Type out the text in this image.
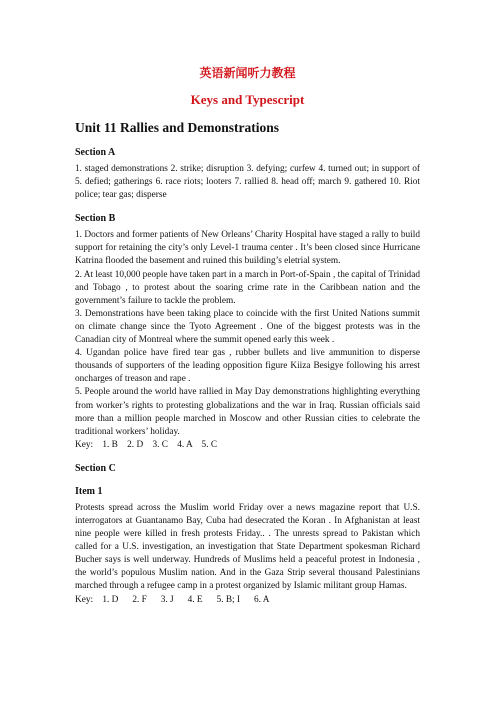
英语新闻听力教程
Keys and Typescript
Unit 11 Rallies and Demonstrations
Section A

1. staged demonstrations 2. strike; disruption 3. defying; curfew 4. turned out; in support of 5. defied; gatherings 6. race riots; looters 7. rallied 8. head off; march 9. gathered 10. Riot police; tear gas; disperse

Section B

1. Doctors and former patients of New Orleans’ Charity Hospital have staged a rally to build support for retaining the city’s only Level-1 trauma center . It’s been closed since Hurricane Katrina flooded the basement and ruined this building’s eletrial system.

2. At least 10,000 people have taken part in a march in Port-of-Spain , the capital of Trinidad and Tobago , to protest about the soaring crime rate in the Caribbean nation and the government’s failure to tackle the problem.

3. Demonstrations have been taking place to coincide with the first United Nations summit on climate change since the Tyoto Agreement . One of the biggest protests was in the Canadian city of Montreal where the summit opened early this week .

4. Ugandan police have fired tear gas , rubber bullets and live ammunition to disperse thousands of supporters of the leading opposition figure Kiiza Besigye following his arrest oncharges of treason and rape .

5. People around the world have rallied in May Day demonstrations highlighting everything from worker’s rights to protesting globalizations and the war in Iraq. Russian officials said more than a million people marched in Moscow and other Russian cities to celebrate the traditional workers’ holiday.

Key:    1. B    2. D    3. C    4. A    5. C

Section C
Item 1

Protests spread across the Muslim world Friday over a news magazine report that U.S. interrogators at Guantanamo Bay, Cuba had desecrated the Koran . In Afghanistan at least nine people were killed in fresh protests Friday.. . The unrests spread to Pakistan which called for a U.S. investigation, an investigation that State Department spokesman Richard Bucher says is well underway. Hundreds of Muslims held a peaceful protest in Indonesia , the world’s populous Muslim nation. And in the Gaza Strip several thousand Palestinians marched through a refugee camp in a protest organized by Islamic militant group Hamas.

Key:    1. D      2. F      3. J      4. E      5. B; I      6. A
